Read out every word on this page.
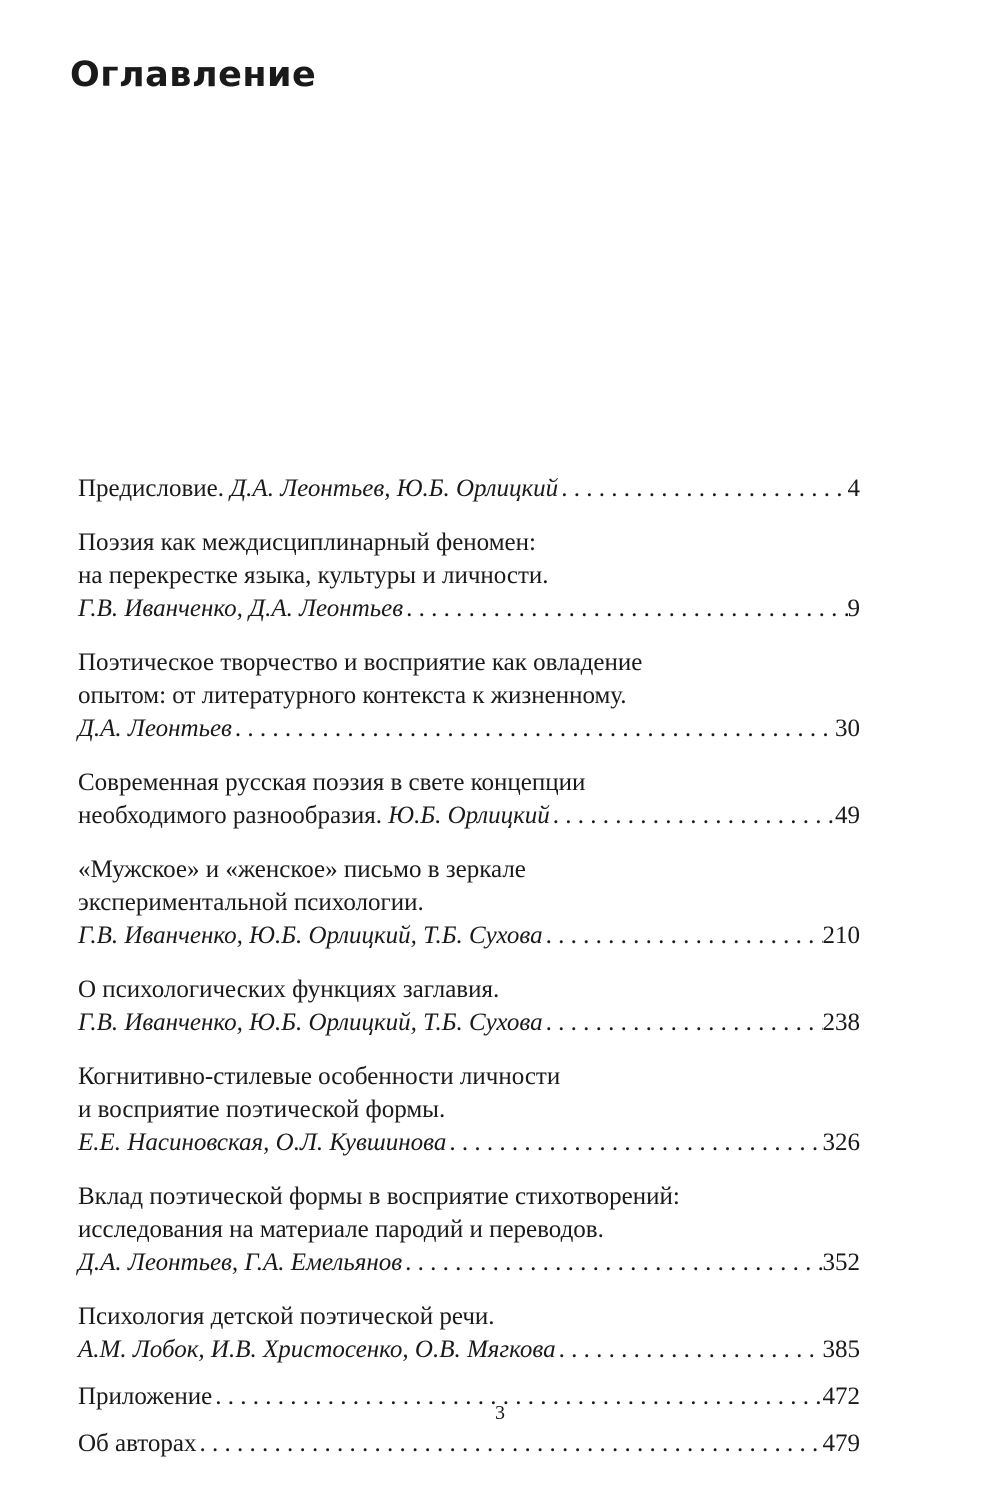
Оглавление
Предисловие. Д.А. Леонтьев, Ю.Б. Орлицкий . . .	4
Поэзия как междисциплинарный феномен:
на перекрестке языка, культуры и личности.
Г.В. Иванченко, Д.А. Леонтьев . . .	9
Поэтическое творчество и восприятие как овладение
опытом: от литературного контекста к жизненному.
Д.А. Леонтьев . . .	30
Современная русская поэзия в свете концепции
необходимого разнообразия. Ю.Б. Орлицкий . . .	49
«Мужское» и «женское» письмо в зеркале
экспериментальной психологии.
Г.В. Иванченко, Ю.Б. Орлицкий, Т.Б. Сухова . . .	210
О психологических функциях заглавия.
Г.В. Иванченко, Ю.Б. Орлицкий, Т.Б. Сухова . . .	238
Когнитивно-стилевые особенности личности
и восприятие поэтической формы.
Е.Е. Насиновская, О.Л. Кувшинова . . .	326
Вклад поэтической формы в восприятие стихотворений:
исследования на материале пародий и переводов.
Д.А. Леонтьев, Г.А. Емельянов . . .	352
Психология детской поэтической речи.
А.М. Лобок, И.В. Христосенко, О.В. Мягкова . . .	385
Приложение . . .	472
Об авторах . . .	479
3
